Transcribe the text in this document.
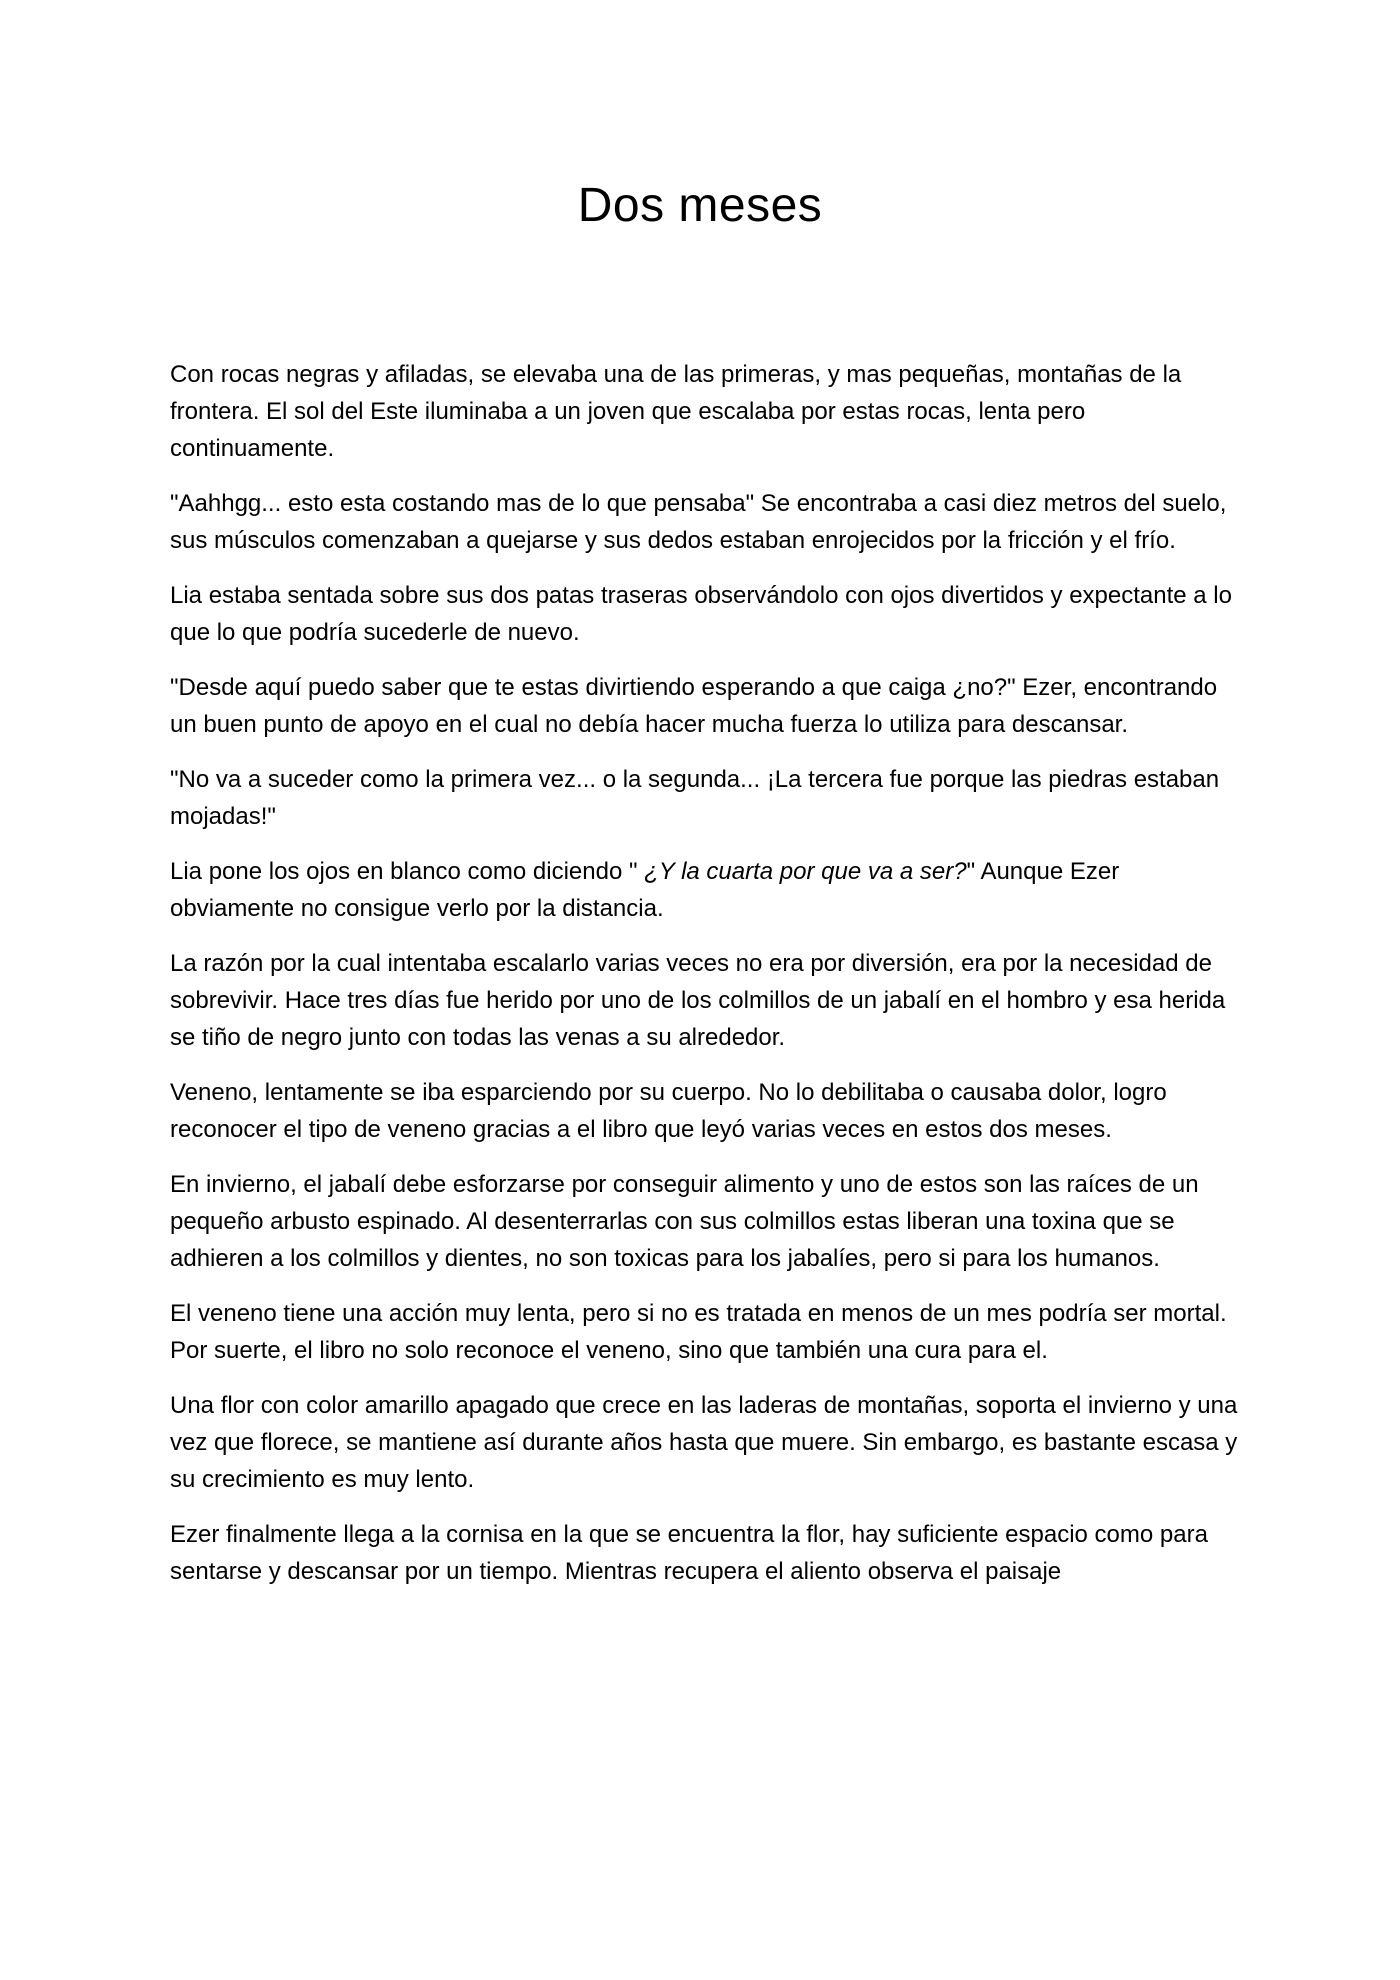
Dos meses

Con rocas negras y afiladas, se elevaba una de las primeras, y mas pequeñas, montañas de la frontera. El sol del Este iluminaba a un joven que escalaba por estas rocas, lenta pero continuamente.

"Aahhgg... esto esta costando mas de lo que pensaba" Se encontraba a casi diez metros del suelo, sus músculos comenzaban a quejarse y sus dedos estaban enrojecidos por la fricción y el frío.

Lia estaba sentada sobre sus dos patas traseras observándolo con ojos divertidos y expectante a lo que lo que podría sucederle de nuevo.

"Desde aquí puedo saber que te estas divirtiendo esperando a que caiga ¿no?" Ezer, encontrando un buen punto de apoyo en el cual no debía hacer mucha fuerza lo utiliza para descansar.

"No va a suceder como la primera vez... o la segunda... ¡La tercera fue porque las piedras estaban mojadas!"

Lia pone los ojos en blanco como diciendo " ¿Y la cuarta por que va a ser?" Aunque Ezer obviamente no consigue verlo por la distancia.

La razón por la cual intentaba escalarlo varias veces no era por diversión, era por la necesidad de sobrevivir. Hace tres días fue herido por uno de los colmillos de un jabalí en el hombro y esa herida se tiño de negro junto con todas las venas a su alrededor.

Veneno, lentamente se iba esparciendo por su cuerpo. No lo debilitaba o causaba dolor, logro reconocer el tipo de veneno gracias a el libro que leyó varias veces en estos dos meses.

En invierno, el jabalí debe esforzarse por conseguir alimento y uno de estos son las raíces de un pequeño arbusto espinado. Al desenterrarlas con sus colmillos estas liberan una toxina que se adhieren a los colmillos y dientes, no son toxicas para los jabalíes, pero si para los humanos.

El veneno tiene una acción muy lenta, pero si no es tratada en menos de un mes podría ser mortal. Por suerte, el libro no solo reconoce el veneno, sino que también una cura para el.

Una flor con color amarillo apagado que crece en las laderas de montañas, soporta el invierno y una vez que florece, se mantiene así durante años hasta que muere. Sin embargo, es bastante escasa y su crecimiento es muy lento.

Ezer finalmente llega a la cornisa en la que se encuentra la flor, hay suficiente espacio como para sentarse y descansar por un tiempo. Mientras recupera el aliento observa el paisaje
